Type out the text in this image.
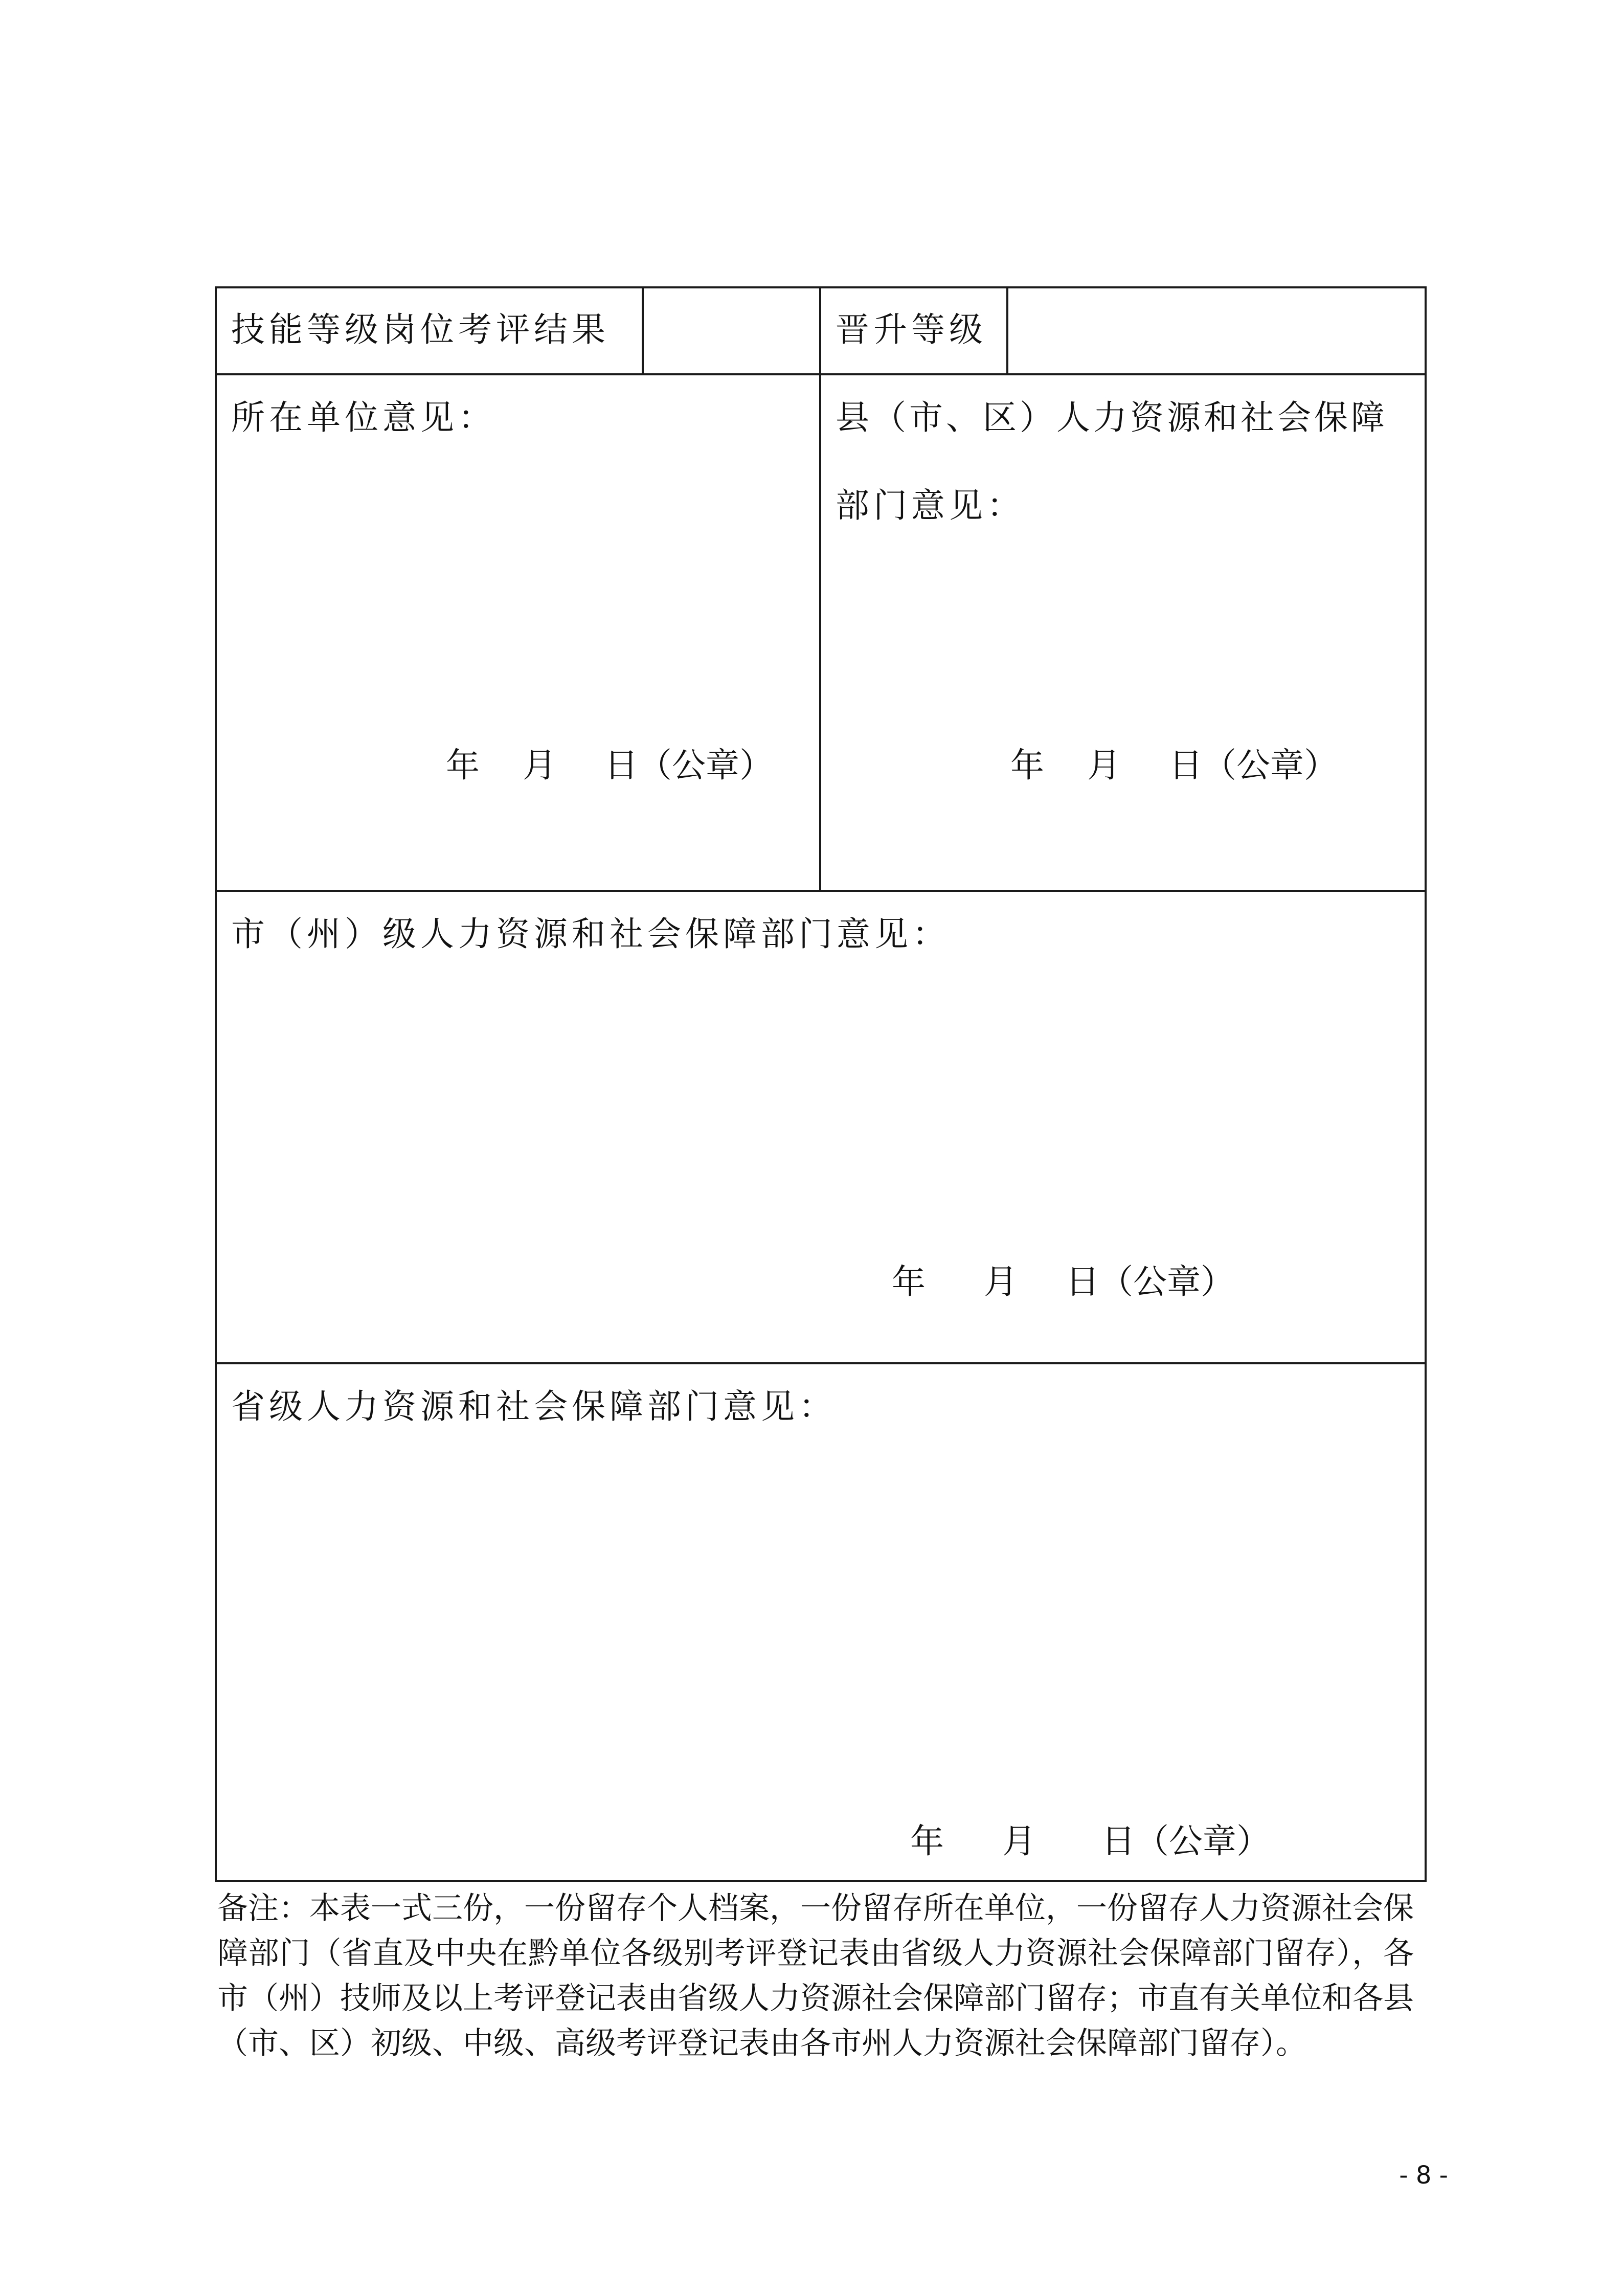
技能等级岗位考评结果	晋升等级
所在单位意见：
年 月 日（公章）
县（市、区）人力资源和社会保障
部门意见：
年 月 日（公章）
市（州）级人力资源和社会保障部门意见：
年 月 日（公章）
省级人力资源和社会保障部门意见：
年 月 日（公章）
备注：本表一式三份，一份留存个人档案，一份留存所在单位，一份留存人力资源社会保障部门（省直及中央在黔单位各级别考评登记表由省级人力资源社会保障部门留存），各市（州）技师及以上考评登记表由省级人力资源社会保障部门留存；市直有关单位和各县（市、区）初级、中级、高级考评登记表由各市州人力资源社会保障部门留存）。
- 8 -
